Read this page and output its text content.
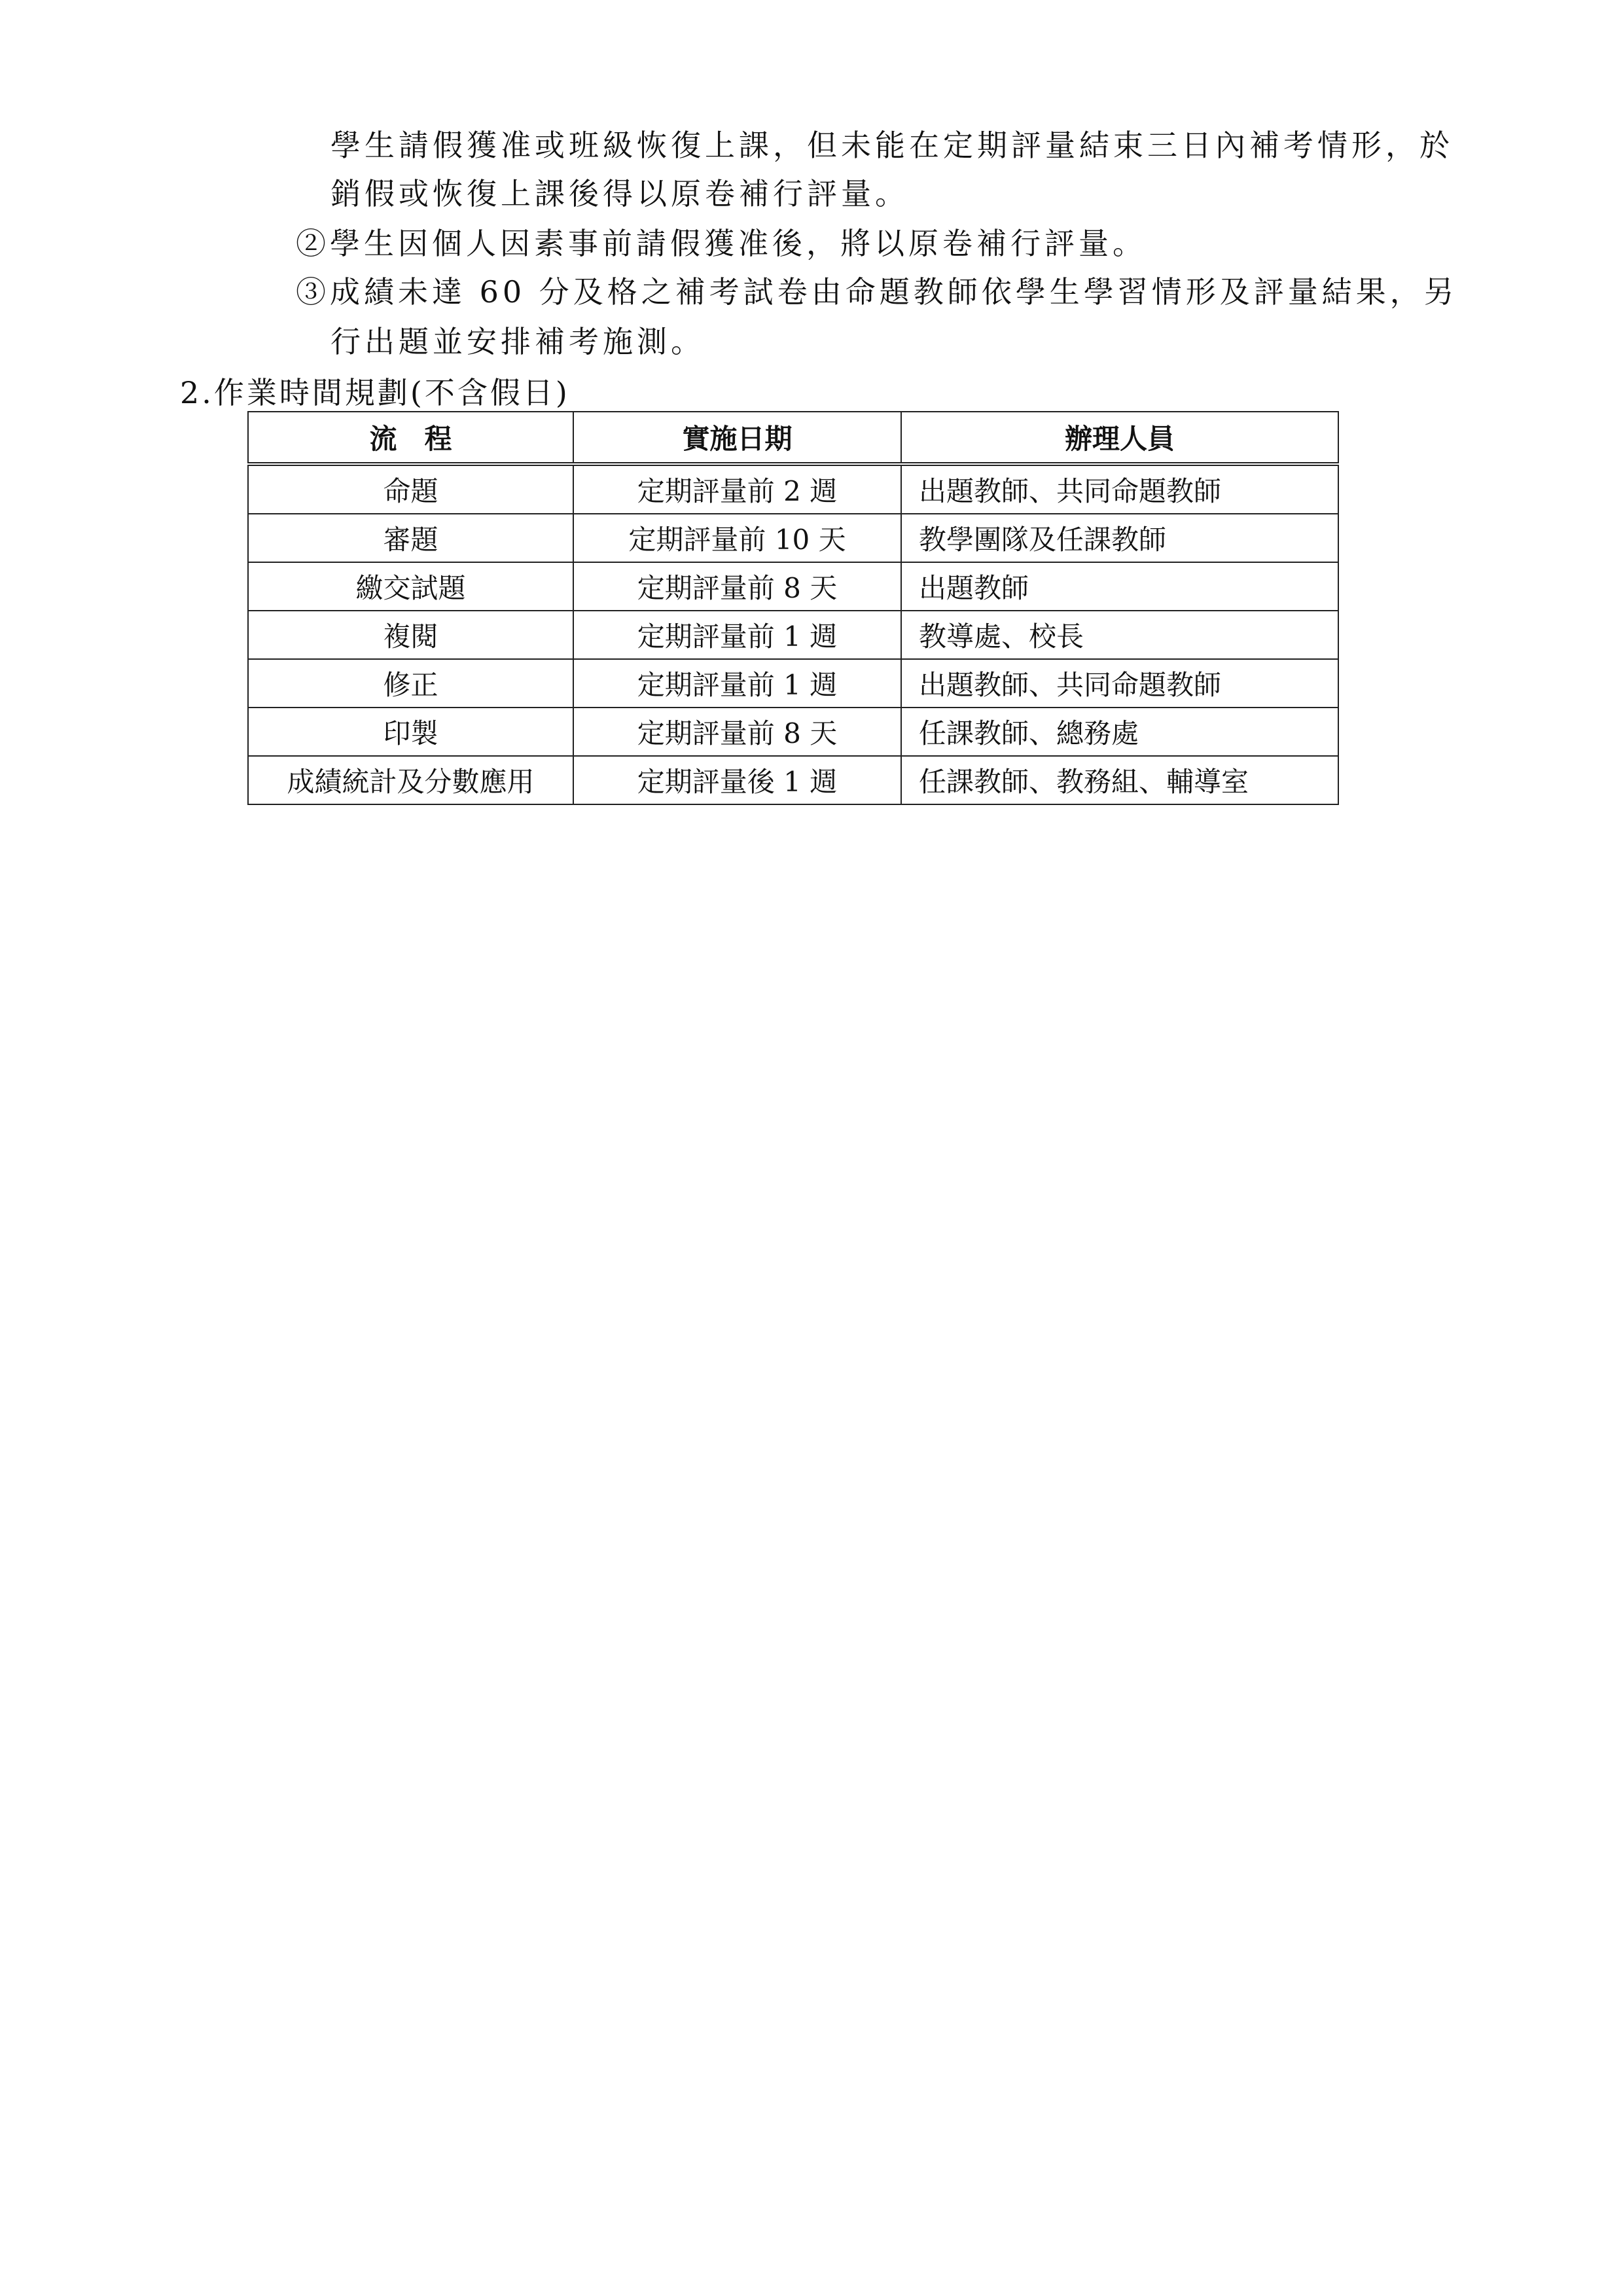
學生請假獲准或班級恢復上課，但未能在定期評量結束三日內補考情形，於
銷假或恢復上課後得以原卷補行評量。
②學生因個人因素事前請假獲准後，將以原卷補行評量。
③成績未達 60 分及格之補考試卷由命題教師依學生學習情形及評量結果，另
行出題並安排補考施測。
2.作業時間規劃(不含假日)
流　程	實施日期	辦理人員
命題	定期評量前 2 週	出題教師、共同命題教師
審題	定期評量前 10 天	教學團隊及任課教師
繳交試題	定期評量前 8 天	出題教師
複閱	定期評量前 1 週	教導處、校長
修正	定期評量前 1 週	出題教師、共同命題教師
印製	定期評量前 8 天	任課教師、總務處
成績統計及分數應用	定期評量後 1 週	任課教師、教務組、輔導室
